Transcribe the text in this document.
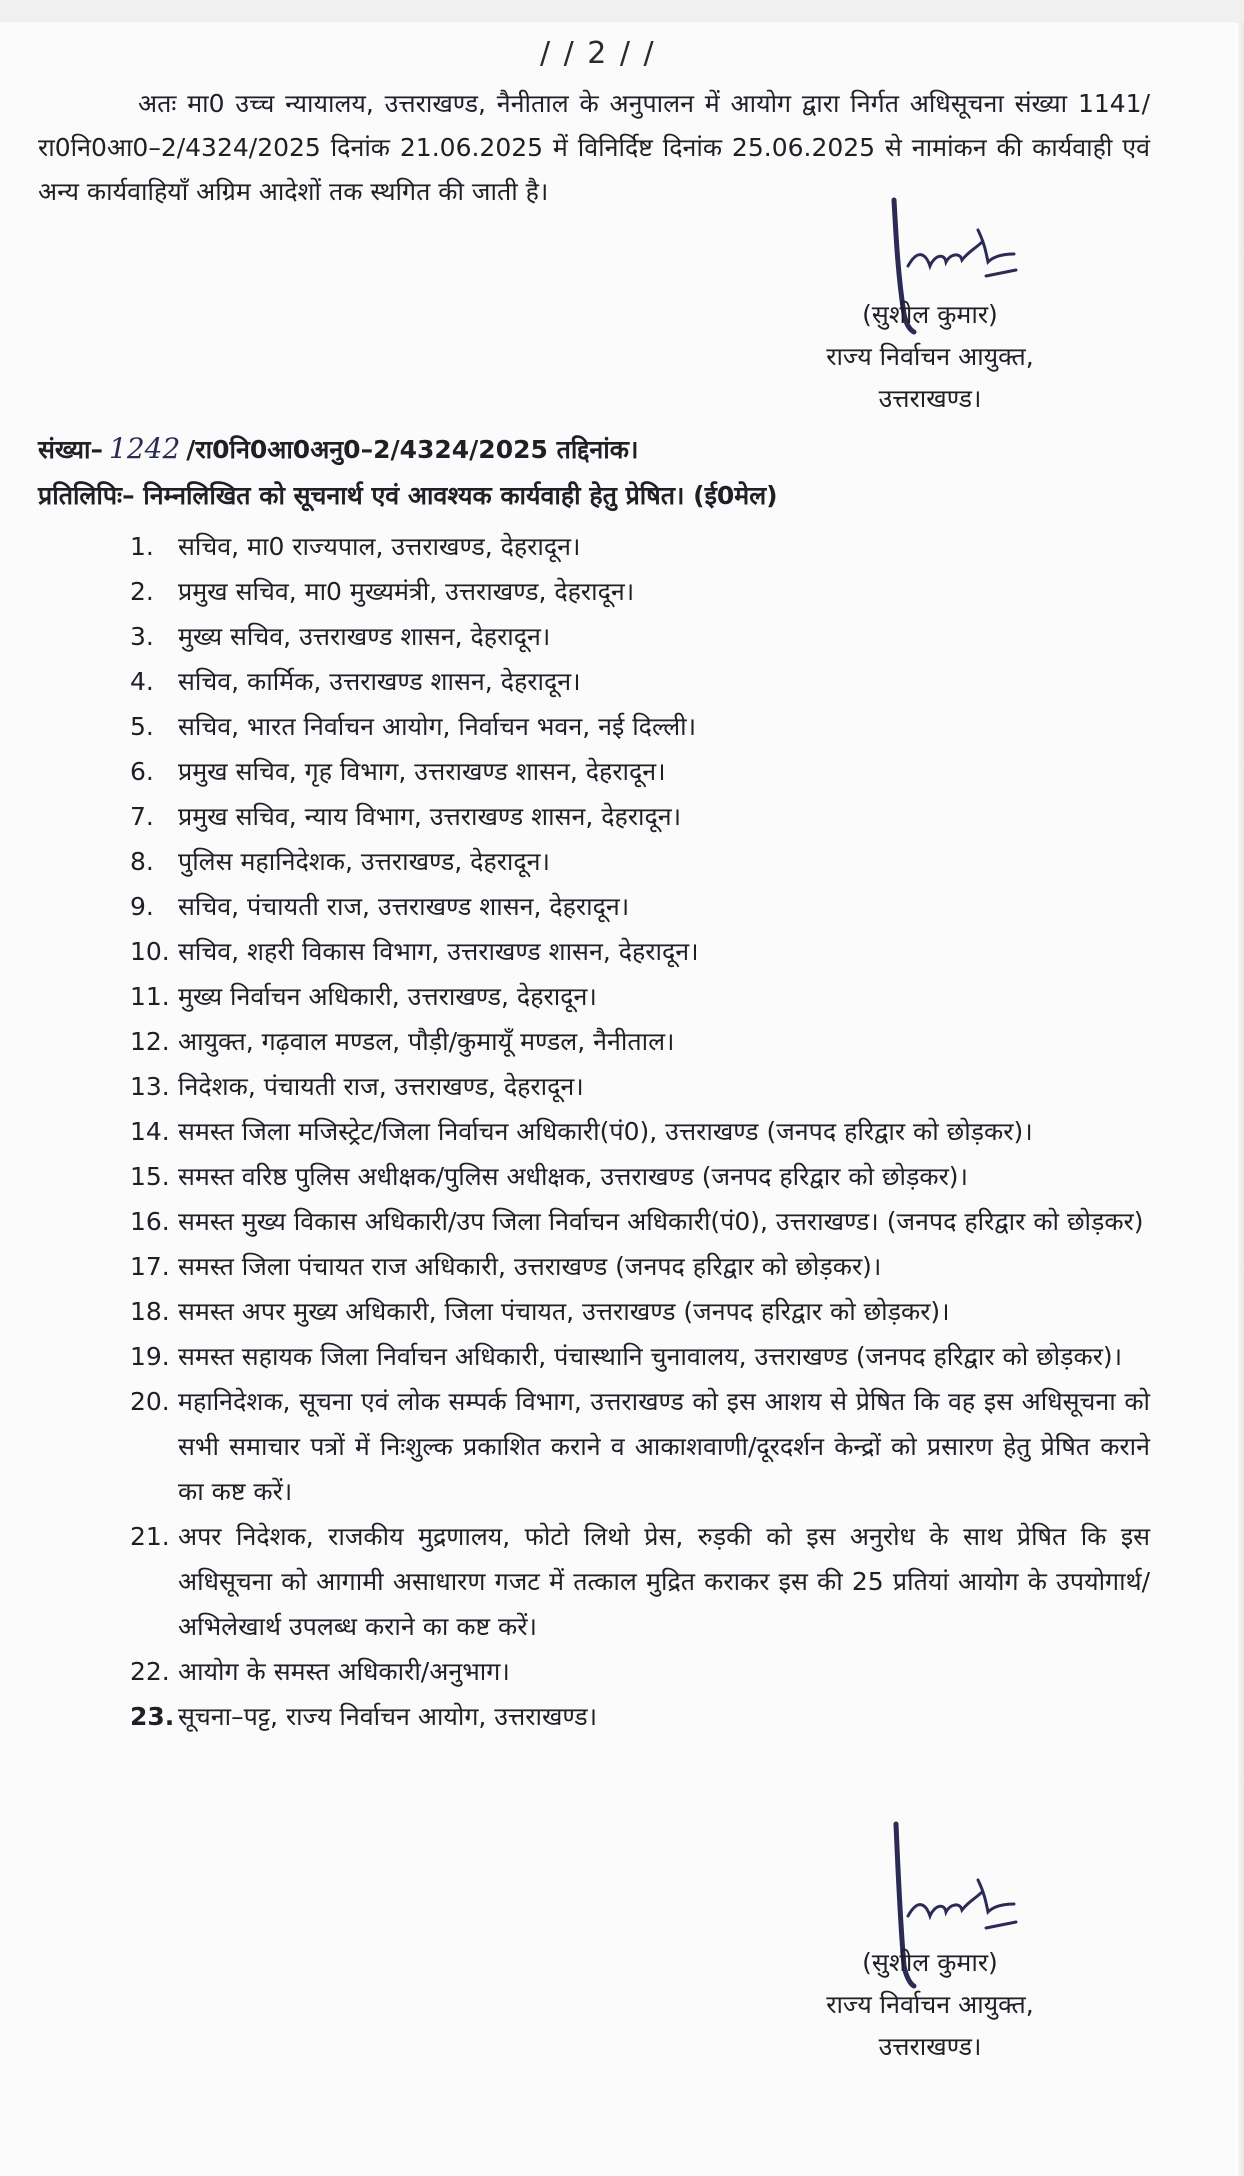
/ / 2 / /

अतः मा0 उच्च न्यायालय, उत्तराखण्ड, नैनीताल के अनुपालन में आयोग द्वारा निर्गत अधिसूचना संख्या 1141/रा0नि0आ0–2/4324/2025 दिनांक 21.06.2025 में विनिर्दिष्ट दिनांक 25.06.2025 से नामांकन की कार्यवाही एवं अन्य कार्यवाहियाँ अग्रिम आदेशों तक स्थगित की जाती है।

(सुशील कुमार)
राज्य निर्वाचन आयुक्त,
उत्तराखण्ड।
संख्या– 1242 /रा0नि0आ0अनु0–2/4324/2025 तद्दिनांक।
प्रतिलिपिः– निम्नलिखित को सूचनार्थ एवं आवश्यक कार्यवाही हेतु प्रेषित। (ई0मेल)
1. सचिव, मा0 राज्यपाल, उत्तराखण्ड, देहरादून।
2. प्रमुख सचिव, मा0 मुख्यमंत्री, उत्तराखण्ड, देहरादून।
3. मुख्य सचिव, उत्तराखण्ड शासन, देहरादून।
4. सचिव, कार्मिक, उत्तराखण्ड शासन, देहरादून।
5. सचिव, भारत निर्वाचन आयोग, निर्वाचन भवन, नई दिल्ली।
6. प्रमुख सचिव, गृह विभाग, उत्तराखण्ड शासन, देहरादून।
7. प्रमुख सचिव, न्याय विभाग, उत्तराखण्ड शासन, देहरादून।
8. पुलिस महानिदेशक, उत्तराखण्ड, देहरादून।
9. सचिव, पंचायती राज, उत्तराखण्ड शासन, देहरादून।
10. सचिव, शहरी विकास विभाग, उत्तराखण्ड शासन, देहरादून।
11. मुख्य निर्वाचन अधिकारी, उत्तराखण्ड, देहरादून।
12. आयुक्त, गढ़वाल मण्डल, पौड़ी/कुमायूँ मण्डल, नैनीताल।
13. निदेशक, पंचायती राज, उत्तराखण्ड, देहरादून।
14. समस्त जिला मजिस्ट्रेट/जिला निर्वाचन अधिकारी(पं0), उत्तराखण्ड (जनपद हरिद्वार को छोड़कर)।
15. समस्त वरिष्ठ पुलिस अधीक्षक/पुलिस अधीक्षक, उत्तराखण्ड (जनपद हरिद्वार को छोड़कर)।
16. समस्त मुख्य विकास अधिकारी/उप जिला निर्वाचन अधिकारी(पं0), उत्तराखण्ड। (जनपद हरिद्वार को छोड़कर)
17. समस्त जिला पंचायत राज अधिकारी, उत्तराखण्ड (जनपद हरिद्वार को छोड़कर)।
18. समस्त अपर मुख्य अधिकारी, जिला पंचायत, उत्तराखण्ड (जनपद हरिद्वार को छोड़कर)।
19. समस्त सहायक जिला निर्वाचन अधिकारी, पंचास्थानि चुनावालय, उत्तराखण्ड (जनपद हरिद्वार को छोड़कर)।
20. महानिदेशक, सूचना एवं लोक सम्पर्क विभाग, उत्तराखण्ड को इस आशय से प्रेषित कि वह इस अधिसूचना को सभी समाचार पत्रों में निःशुल्क प्रकाशित कराने व आकाशवाणी/दूरदर्शन केन्द्रों को प्रसारण हेतु प्रेषित कराने का कष्ट करें।
21. अपर निदेशक, राजकीय मुद्रणालय, फोटो लिथो प्रेस, रुड़की को इस अनुरोध के साथ प्रेषित कि इस अधिसूचना को आगामी असाधारण गजट में तत्काल मुद्रित कराकर इस की 25 प्रतियां आयोग के उपयोगार्थ/अभिलेखार्थ उपलब्ध कराने का कष्ट करें।
22. आयोग के समस्त अधिकारी/अनुभाग।
23. सूचना–पट्ट, राज्य निर्वाचन आयोग, उत्तराखण्ड।
(सुशील कुमार)
राज्य निर्वाचन आयुक्त,
उत्तराखण्ड।
